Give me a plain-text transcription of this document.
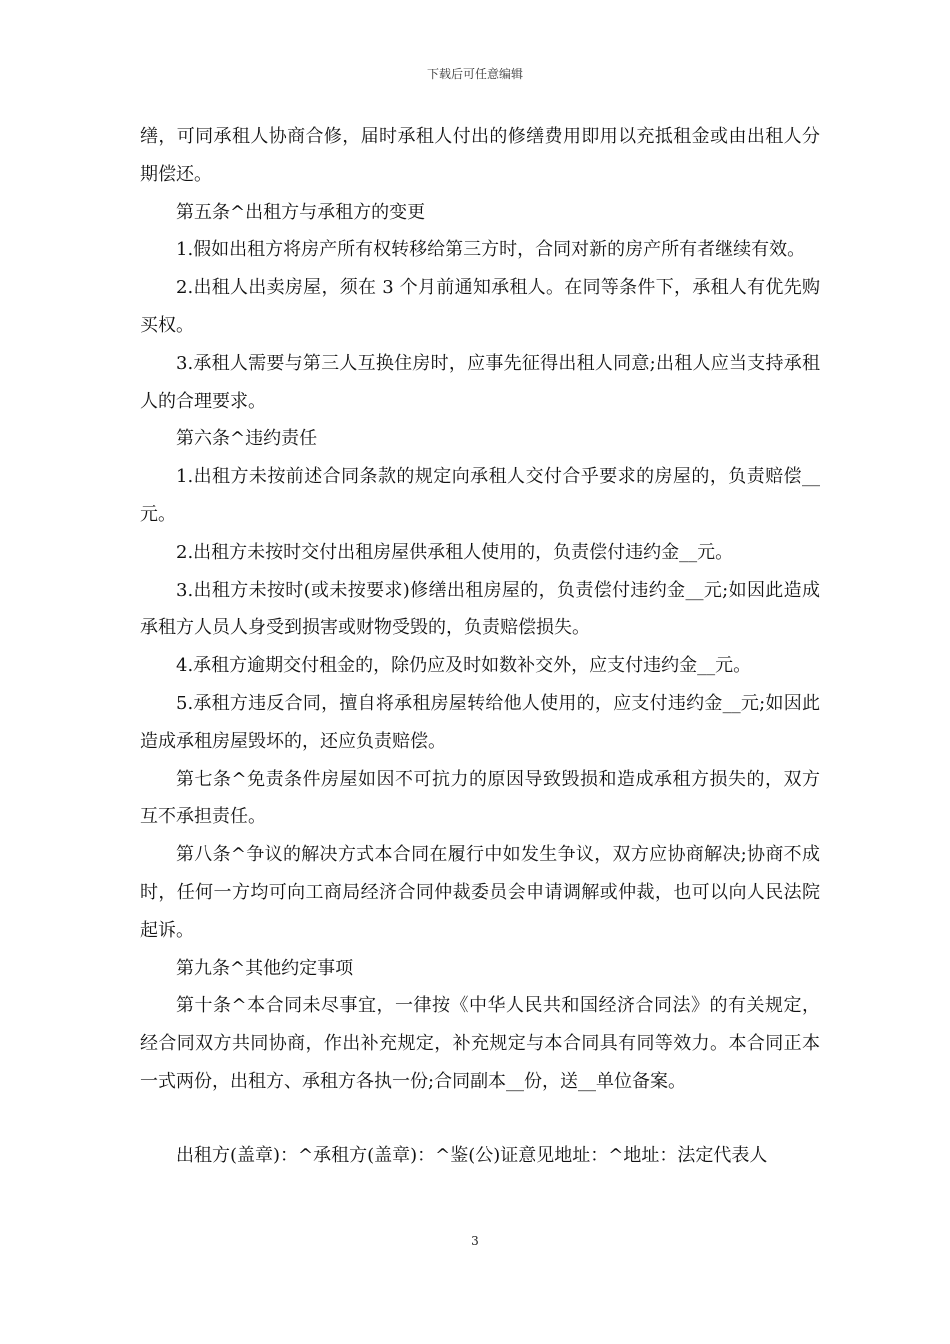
下载后可任意编辑

缮，可同承租人协商合修，届时承租人付出的修缮费用即用以充抵租金或由出租人分期偿还。

第五条^出租方与承租方的变更

1.假如出租方将房产所有权转移给第三方时，合同对新的房产所有者继续有效。

2.出租人出卖房屋，须在 3 个月前通知承租人。在同等条件下，承租人有优先购买权。

3.承租人需要与第三人互换住房时，应事先征得出租人同意;出租人应当支持承租人的合理要求。

第六条^违约责任

1.出租方未按前述合同条款的规定向承租人交付合乎要求的房屋的，负责赔偿__元。

2.出租方未按时交付出租房屋供承租人使用的，负责偿付违约金__元。

3.出租方未按时(或未按要求)修缮出租房屋的，负责偿付违约金__元;如因此造成承租方人员人身受到损害或财物受毁的，负责赔偿损失。

4.承租方逾期交付租金的，除仍应及时如数补交外，应支付违约金__元。

5.承租方违反合同，擅自将承租房屋转给他人使用的，应支付违约金__元;如因此造成承租房屋毁坏的，还应负责赔偿。

第七条^免责条件房屋如因不可抗力的原因导致毁损和造成承租方损失的，双方互不承担责任。

第八条^争议的解决方式本合同在履行中如发生争议，双方应协商解决;协商不成时，任何一方均可向工商局经济合同仲裁委员会申请调解或仲裁，也可以向人民法院起诉。

第九条^其他约定事项

第十条^本合同未尽事宜，一律按《中华人民共和国经济合同法》的有关规定，经合同双方共同协商，作出补充规定，补充规定与本合同具有同等效力。本合同正本一式两份，出租方、承租方各执一份;合同副本__份，送__单位备案。

出租方(盖章)：^承租方(盖章)：^鉴(公)证意见地址：^地址：法定代表人

3
